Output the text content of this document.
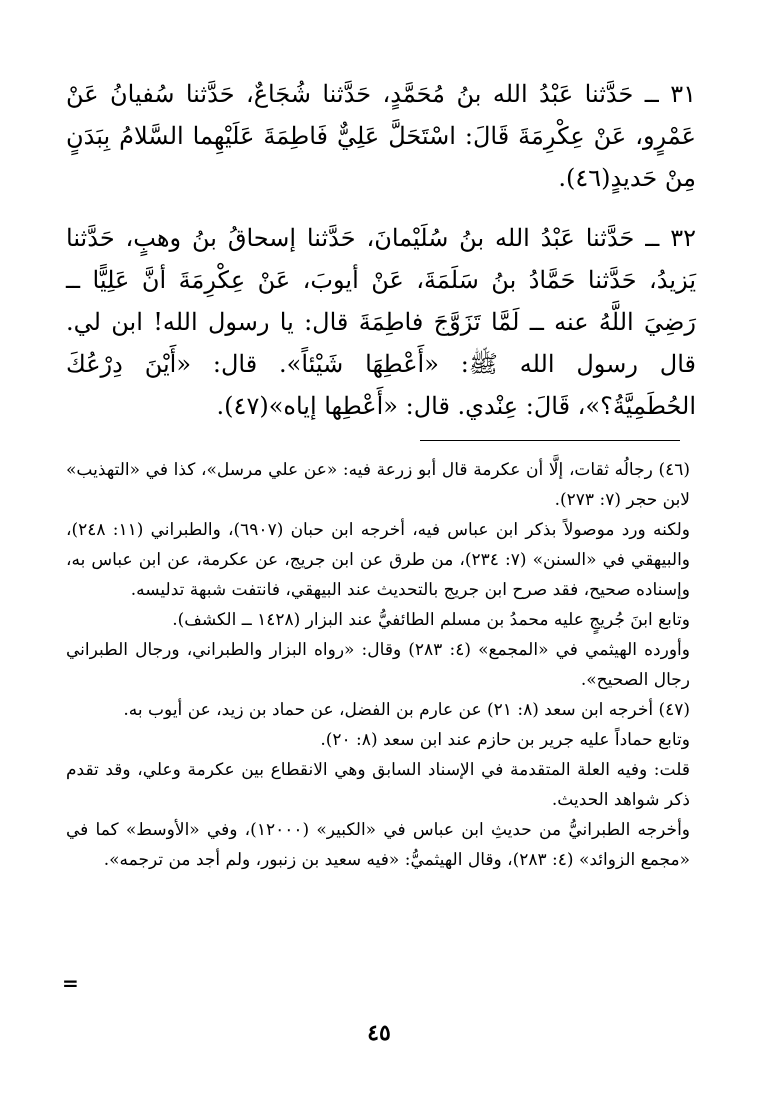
٣١ ــ حَدَّثنا عَبْدُ الله بنُ مُحَمَّدٍ، حَدَّثنا شُجَاعٌ، حَدَّثنا سُفيانُ عَنْ عَمْرٍو، عَنْ عِكْرِمَةَ قَالَ: اسْتَحَلَّ عَلِيٌّ فَاطِمَةَ عَلَيْهِما السَّلامُ بِبَدَنٍ مِنْ حَديدٍ(٤٦).

٣٢ ــ حَدَّثنا عَبْدُ الله بنُ سُلَيْمانَ، حَدَّثنا إسحاقُ بنُ وهبٍ، حَدَّثنا يَزيدُ، حَدَّثنا حَمَّادُ بنُ سَلَمَةَ، عَنْ أيوبَ، عَنْ عِكْرِمَةَ أنَّ عَلِيًّا ــ رَضِيَ اللَّهُ عنه ــ لَمَّا تَزَوَّجَ فاطِمَةَ قال: يا رسول الله! ابن لي. قال رسول الله ﷺ: «أَعْطِهَا شَيْئاً». قال: «أَيْنَ دِرْعُكَ الحُطَمِيَّةُ؟»، قَالَ: عِنْدي. قال: «أَعْطِها إياه»(٤٧).

(٤٦) رجالُه ثقات، إلَّا أن عكرمة قال أبو زرعة فيه: «عن علي مرسل»، كذا في «التهذيب» لابن حجر (٧: ٢٧٣).

ولكنه ورد موصولاً بذكر ابن عباس فيه، أخرجه ابن حبان (٦٩٠٧)، والطبراني (١١: ٢٤٨)، والبيهقي في «السنن» (٧: ٢٣٤)، من طرق عن ابن جريج، عن عكرمة، عن ابن عباس به، وإسناده صحيح، فقد صرح ابن جريج بالتحديث عند البيهقي، فانتفت شبهة تدليسه.

وتابع ابنَ جُريجٍ عليه محمدُ بن مسلم الطائفيُّ عند البزار (١٤٢٨ ــ الكشف).

وأورده الهيثمي في «المجمع» (٤: ٢٨٣) وقال: «رواه البزار والطبراني، ورجال الطبراني رجال الصحيح».

(٤٧) أخرجه ابن سعد (٨: ٢١) عن عارم بن الفضل، عن حماد بن زيد، عن أيوب به.

وتابع حماداً عليه جرير بن حازم عند ابن سعد (٨: ٢٠).

قلت: وفيه العلة المتقدمة في الإسناد السابق وهي الانقطاع بين عكرمة وعلي، وقد تقدم ذكر شواهد الحديث.

وأخرجه الطبرانيُّ من حديثِ ابن عباس في «الكبير» (١٢٠٠٠)، وفي «الأوسط» كما في «مجمع الزوائد» (٤: ٢٨٣)، وقال الهيثميُّ: «فيه سعيد بن زنبور، ولم أجد من ترجمه».

=
٤٥
